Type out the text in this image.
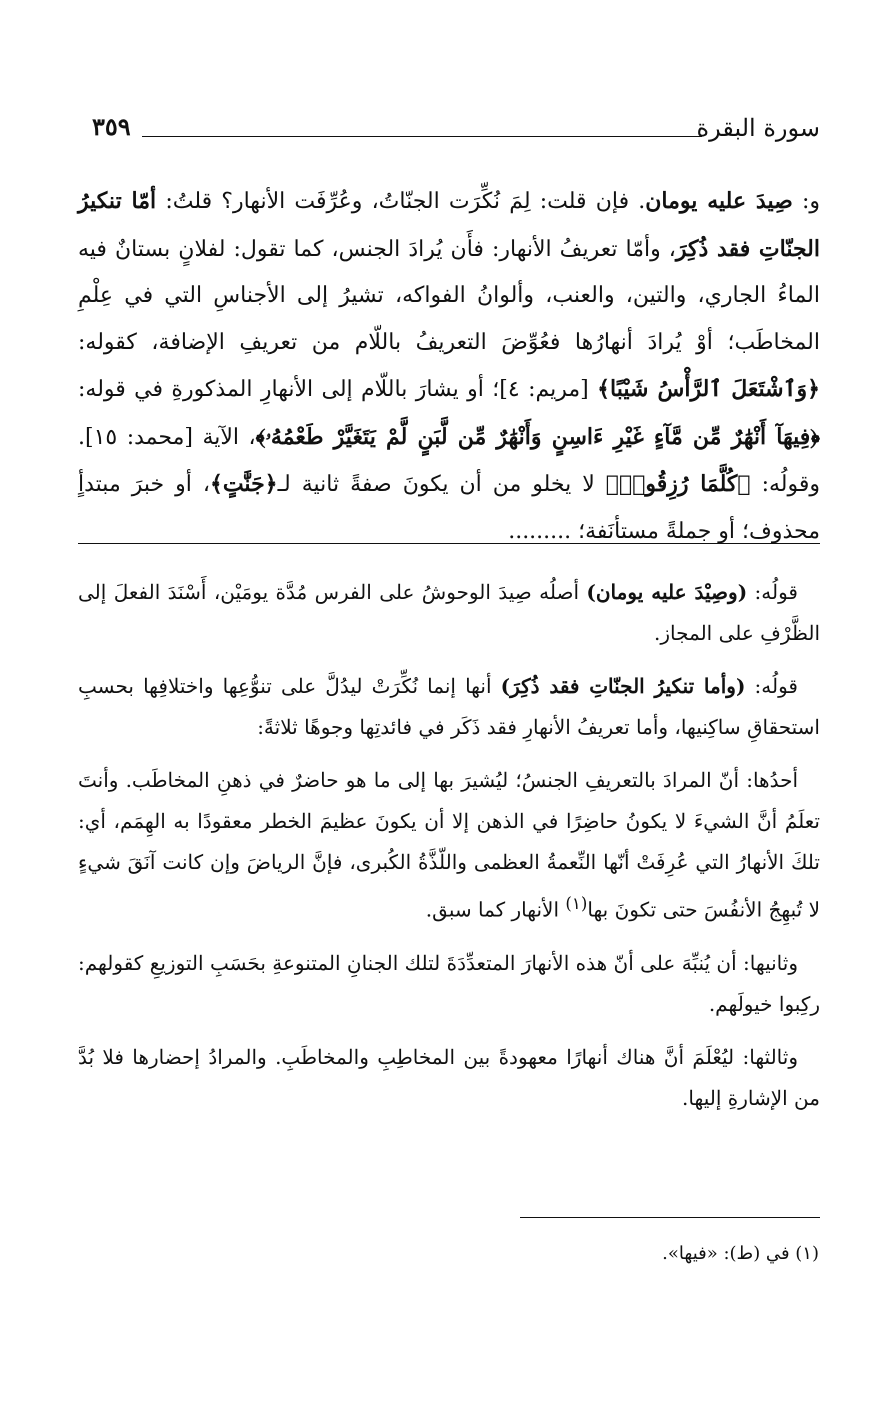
سورة البقرة
٣٥٩
و: صِيدَ عليه يومان. فإن قلت: لِمَ نُكِّرَت الجنّاتُ، وعُرِّفَت الأنهار؟ قلتُ: أمّا تنكيرُ الجنّاتِ فقد ذُكِرَ، وأمّا تعريفُ الأنهار: فأَن يُرادَ الجنس، كما تقول: لفلانٍ بستانٌ فيه الماءُ الجاري، والتين، والعنب، وألوانُ الفواكه، تشيرُ إلى الأجناسِ التي في عِلْمِ المخاطَب؛ أوْ يُرادَ أنهارُها فعُوِّضَ التعريفُ باللّام من تعريفِ الإضافة، كقوله: ﴿وَٱشْتَعَلَ ٱلرَّأْسُ شَيْبًا﴾ [مريم: ٤]؛ أو يشارَ باللّام إلى الأنهارِ المذكورةِ في قوله: ﴿فِيهَآ أَنْهَٰرٌ مِّن مَّآءٍ غَيْرِ ءَاسِنٍ وَأَنْهَٰرٌ مِّن لَّبَنٍ لَّمْ يَتَغَيَّرْ طَعْمُهُۥ﴾، الآية [محمد: ١٥]. وقولُه: ﴿كُلَّمَا رُزِقُوا۟﴾ لا يخلو من أن يكونَ صفةً ثانية لـ﴿جَنَّٰتٍ﴾، أو خبرَ مبتدأٍ محذوف؛ أو جملةً مستأنَفة؛ .........

قولُه: (وصِيْدَ عليه يومان) أصلُه صِيدَ الوحوشُ على الفرس مُدَّة يومَيْن، أَسْنَدَ الفعلَ إلى الظَّرْفِ على المجاز.

قولُه: (وأما تنكيرُ الجنّاتِ فقد ذُكِرَ) أنها إنما نُكِّرَتْ ليدُلَّ على تنوُّعِها واختلافِها بحسبِ استحقاقِ ساكِنيها، وأما تعريفُ الأنهارِ فقد ذَكَر في فائدتِها وجوهًا ثلاثةً:

أحدُها: أنّ المرادَ بالتعريفِ الجنسُ؛ ليُشيرَ بها إلى ما هو حاضرٌ في ذهنِ المخاطَب. وأنتَ تعلَمُ أنَّ الشيءَ لا يكونُ حاضِرًا في الذهن إلا أن يكونَ عظيمَ الخطر معقودًا به الهِمَم، أي: تلكَ الأنهارُ التي عُرِفَتْ أنّها النِّعمةُ العظمى واللّذَّةُ الكُبرى، فإنَّ الرياضَ وإن كانت آنَقَ شيءٍ لا تُبهِجُ الأنفُسَ حتى تكونَ بها$^{(١)}$ الأنهار كما سبق.

وثانيها: أن يُنبِّهَ على أنّ هذه الأنهارَ المتعدِّدَةَ لتلك الجنانِ المتنوعةِ بحَسَبِ التوزيعِ كقولهم: ركِبوا خيولَهم.

وثالثها: ليُعْلَمَ أنَّ هناك أنهارًا معهودةً بين المخاطِبِ والمخاطَبِ. والمرادُ إحضارها فلا بُدَّ من الإشارةِ إليها.

(١) في (ط): «فيها».
